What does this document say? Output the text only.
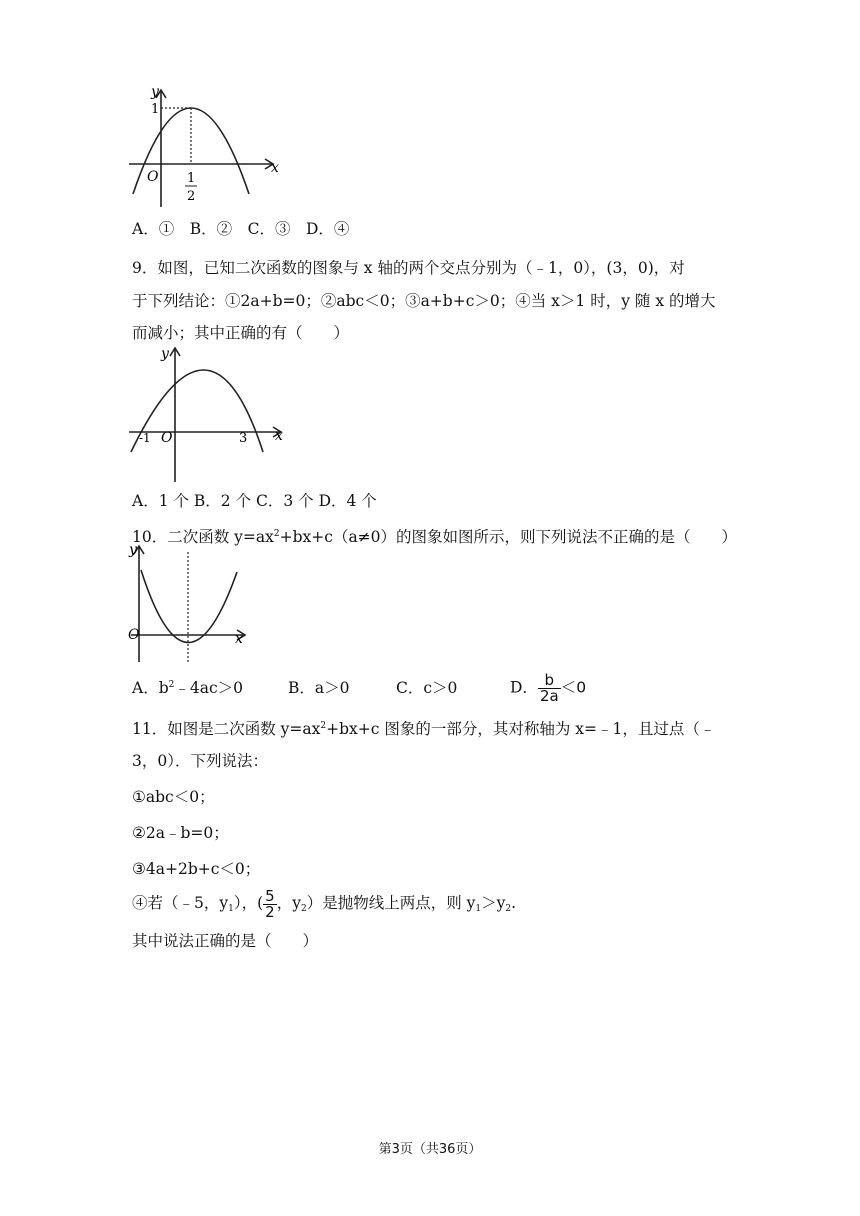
y
x
O
1
1
2
A．①　B．②　C．③　D．④
9．如图，已知二次函数的图象与 x 轴的两个交点分别为（﹣1，0），(3，0)，对
于下列结论：①2a+b=0；②abc＜0；③a+b+c＞0；④当 x＞1 时，y 随 x 的增大
而减小；其中正确的有（　　）
y
x
O
-1	3
A．1 个 B．2 个 C．3 个 D．4 个
10．二次函数 $y=ax^2+bx+c(a\ne 0)$的图象如图所示，则下列说法不正确的是（　　）
y
x
O
A．$b^2﹣4ac>0$	B．a＞0	C．c＞0	D． $\frac{b}{2a} <0$
11．如图是二次函数 $y=ax^2+bx+c$ 图象的一部分，其对称轴为 x=﹣1，且过点（﹣
3，0）．下列说法：
①abc＜0；
②2a﹣b=0；
③4a+2b+c＜0；
④若（﹣5，$y_1$），( $\frac{5}{2}$ ，$y_2$）是抛物线上两点，则 $y_1>y_2$.
其中说法正确的是（　　）
第3页（共36页）
